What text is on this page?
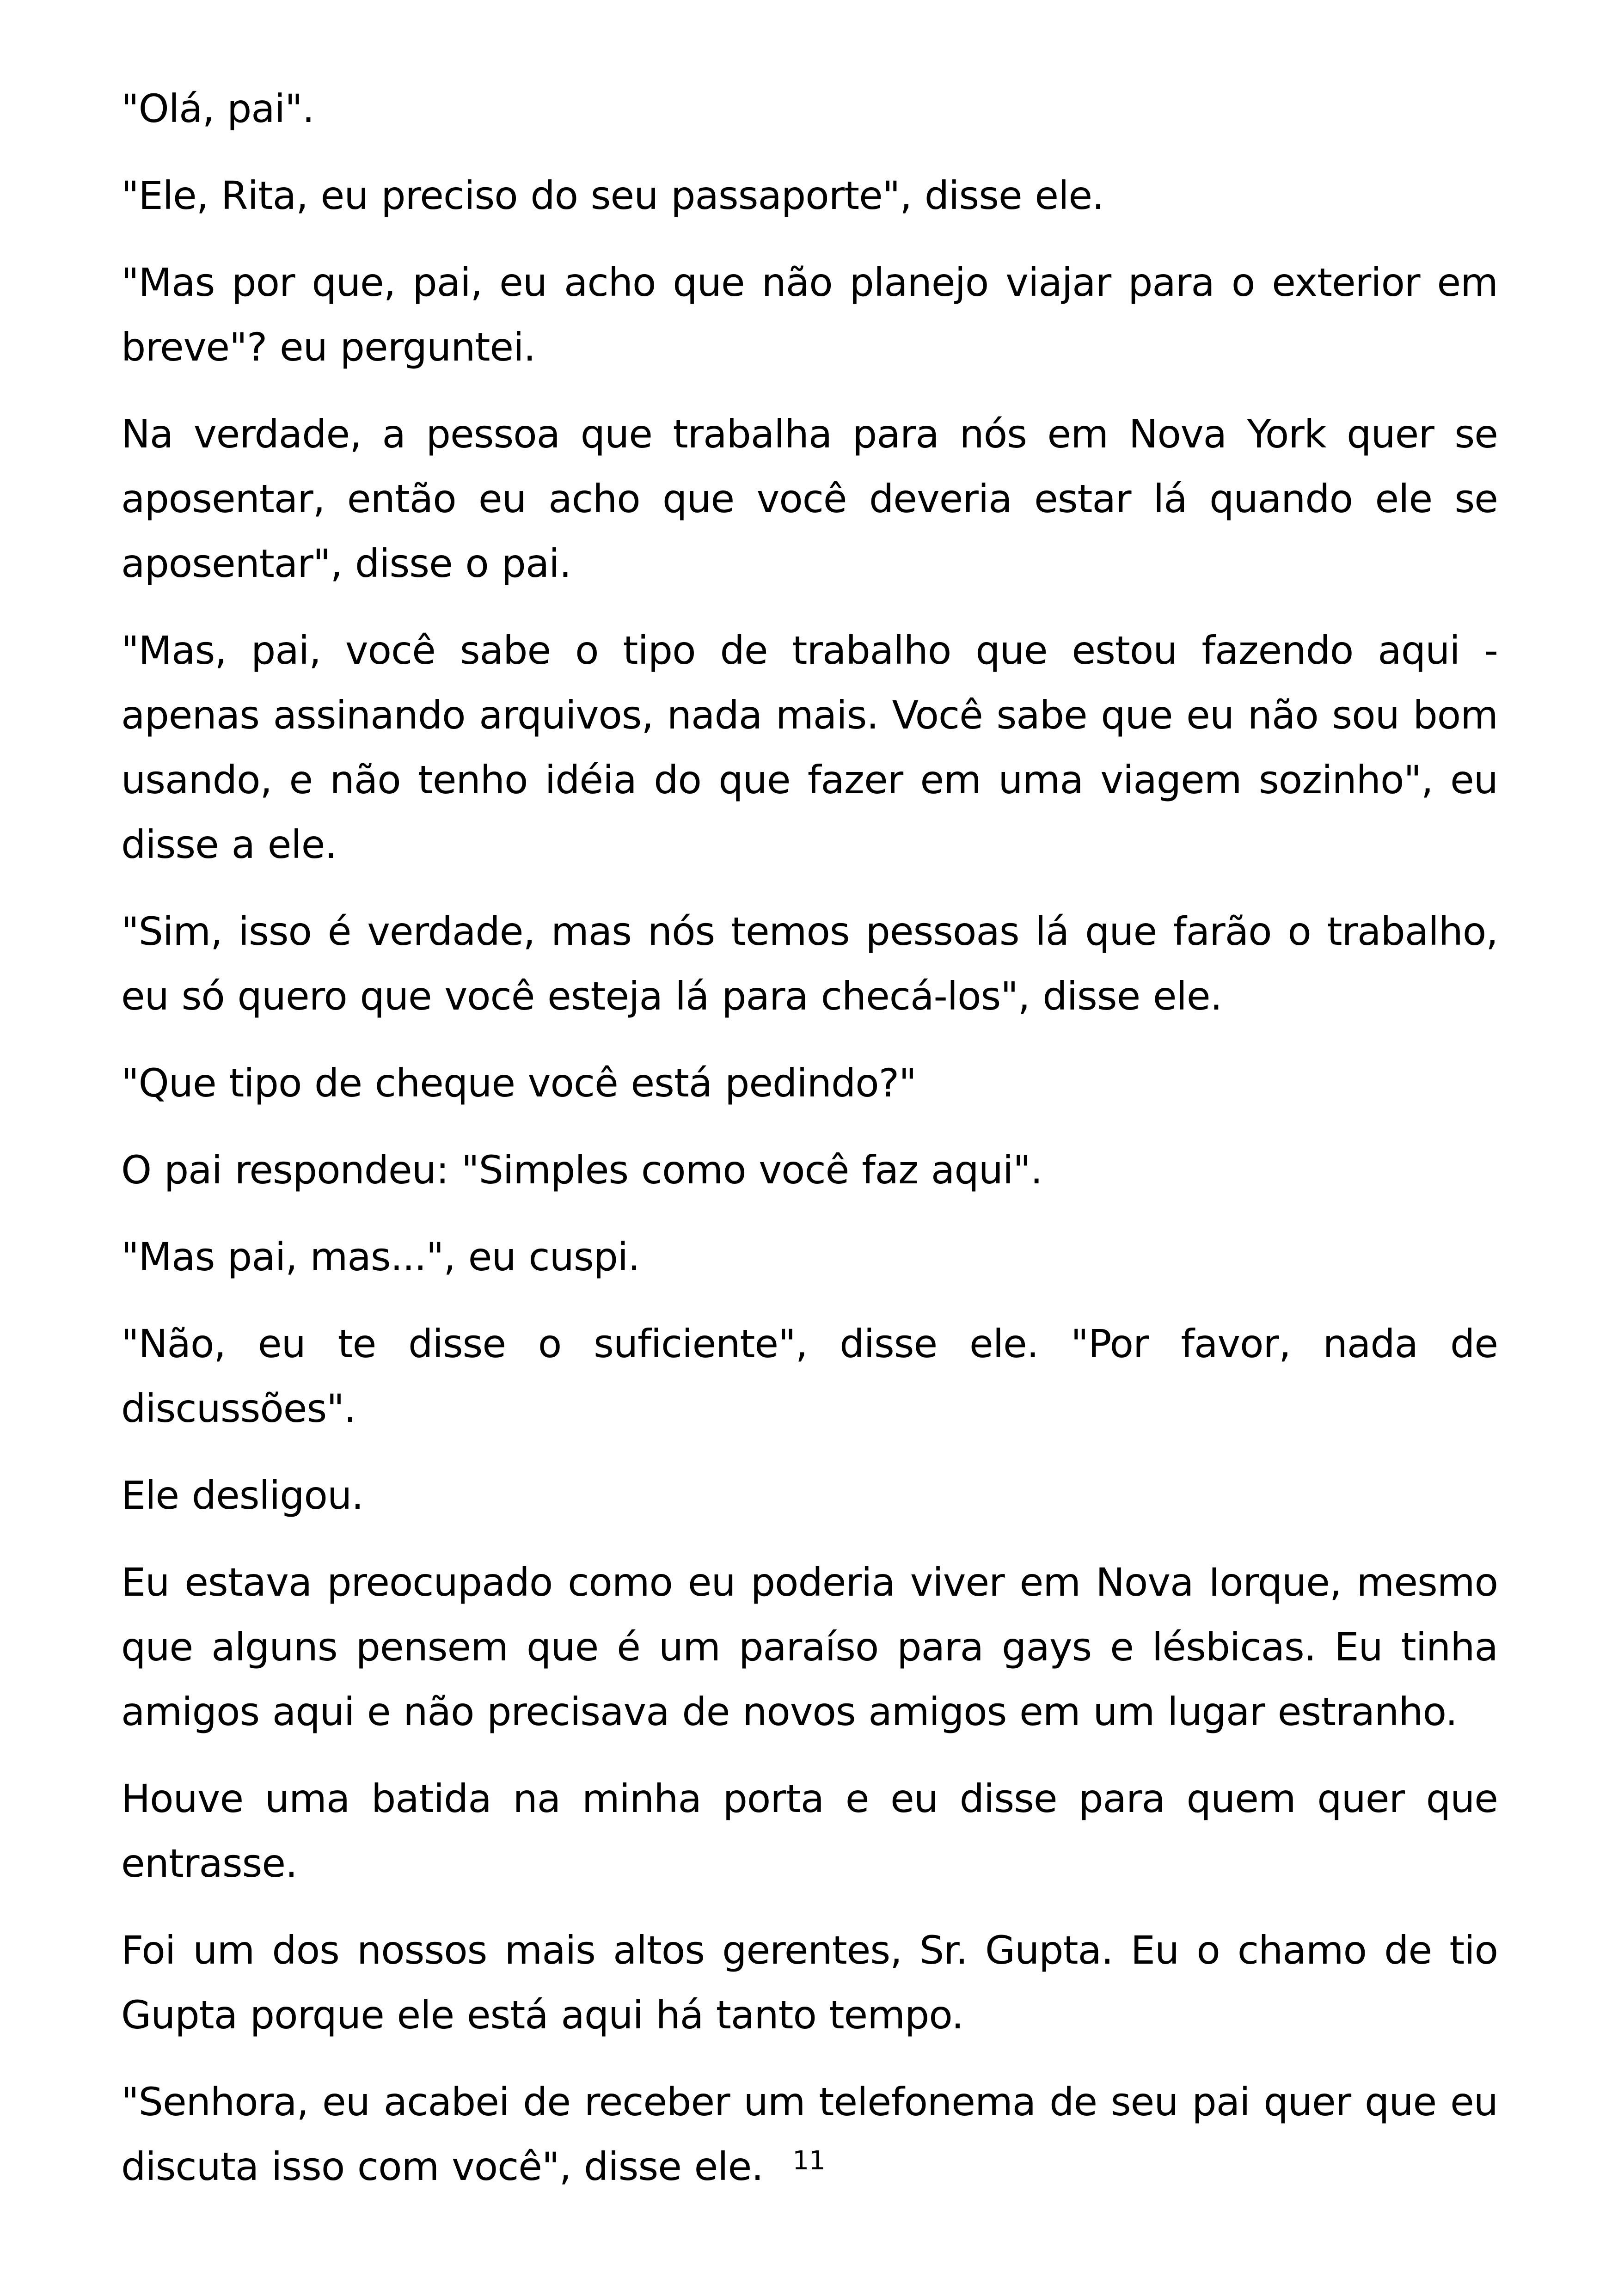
"Olá, pai".

"Ele, Rita, eu preciso do seu passaporte", disse ele.

"Mas por que, pai, eu acho que não planejo viajar para o exterior em breve"? eu perguntei.

Na verdade, a pessoa que trabalha para nós em Nova York quer se aposentar, então eu acho que você deveria estar lá quando ele se aposentar", disse o pai.

"Mas, pai, você sabe o tipo de trabalho que estou fazendo aqui - apenas assinando arquivos, nada mais. Você sabe que eu não sou bom usando, e não tenho idéia do que fazer em uma viagem sozinho", eu disse a ele.

"Sim, isso é verdade, mas nós temos pessoas lá que farão o trabalho, eu só quero que você esteja lá para checá-los", disse ele.

"Que tipo de cheque você está pedindo?"

O pai respondeu: "Simples como você faz aqui".

"Mas pai, mas...", eu cuspi.

"Não, eu te disse o suficiente", disse ele. "Por favor, nada de discussões".

Ele desligou.

Eu estava preocupado como eu poderia viver em Nova Iorque, mesmo que alguns pensem que é um paraíso para gays e lésbicas. Eu tinha amigos aqui e não precisava de novos amigos em um lugar estranho.

Houve uma batida na minha porta e eu disse para quem quer que entrasse.

Foi um dos nossos mais altos gerentes, Sr. Gupta. Eu o chamo de tio Gupta porque ele está aqui há tanto tempo.

"Senhora, eu acabei de receber um telefonema de seu pai quer que eu discuta isso com você", disse ele.	11
